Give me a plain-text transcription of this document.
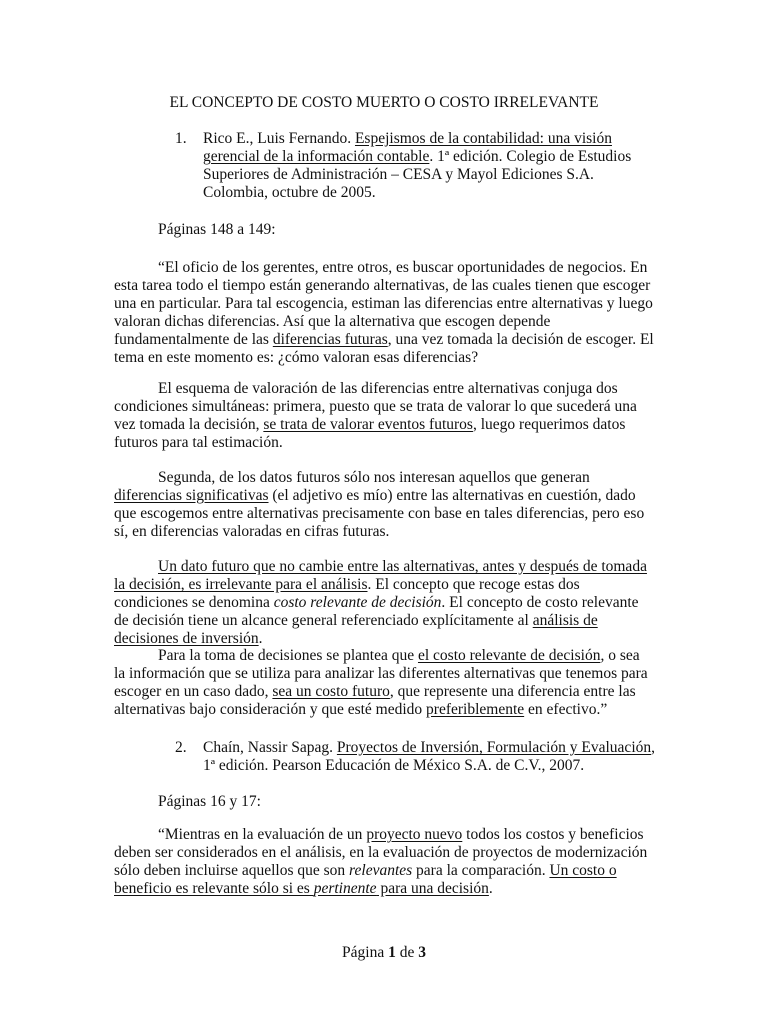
EL CONCEPTO DE COSTO MUERTO O COSTO IRRELEVANTE
1. Rico E., Luis Fernando. Espejismos de la contabilidad: una visión gerencial de la información contable. 1ª edición. Colegio de Estudios Superiores de Administración – CESA y Mayol Ediciones S.A. Colombia, octubre de 2005.
Páginas 148 a 149:
“El oficio de los gerentes, entre otros, es buscar oportunidades de negocios. En esta tarea todo el tiempo están generando alternativas, de las cuales tienen que escoger una en particular. Para tal escogencia, estiman las diferencias entre alternativas y luego valoran dichas diferencias. Así que la alternativa que escogen depende fundamentalmente de las diferencias futuras, una vez tomada la decisión de escoger. El tema en este momento es: ¿cómo valoran esas diferencias?
El esquema de valoración de las diferencias entre alternativas conjuga dos condiciones simultáneas: primera, puesto que se trata de valorar lo que sucederá una vez tomada la decisión, se trata de valorar eventos futuros, luego requerimos datos futuros para tal estimación.
Segunda, de los datos futuros sólo nos interesan aquellos que generan diferencias significativas (el adjetivo es mío) entre las alternativas en cuestión, dado que escogemos entre alternativas precisamente con base en tales diferencias, pero eso sí, en diferencias valoradas en cifras futuras.
Un dato futuro que no cambie entre las alternativas, antes y después de tomada la decisión, es irrelevante para el análisis. El concepto que recoge estas dos condiciones se denomina costo relevante de decisión. El concepto de costo relevante de decisión tiene un alcance general referenciado explícitamente al análisis de decisiones de inversión.
Para la toma de decisiones se plantea que el costo relevante de decisión, o sea la información que se utiliza para analizar las diferentes alternativas que tenemos para escoger en un caso dado, sea un costo futuro, que represente una diferencia entre las alternativas bajo consideración y que esté medido preferiblemente en efectivo.”
2. Chaín, Nassir Sapag. Proyectos de Inversión, Formulación y Evaluación, 1ª edición. Pearson Educación de México S.A. de C.V., 2007.
Páginas 16 y 17:
“Mientras en la evaluación de un proyecto nuevo todos los costos y beneficios deben ser considerados en el análisis, en la evaluación de proyectos de modernización sólo deben incluirse aquellos que son relevantes para la comparación. Un costo o beneficio es relevante sólo si es pertinente para una decisión.
Página 1 de 3
